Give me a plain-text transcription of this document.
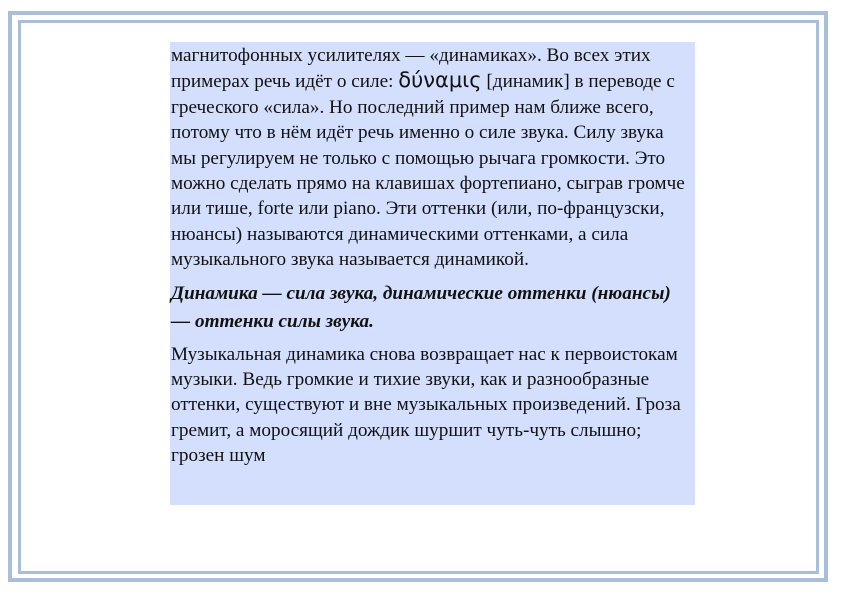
магнитофонных усилителях — «динамиках». Во всех этих примерах речь идёт о силе: δύναμις [динамик] в переводе с греческого «сила». Но последний пример нам ближе всего, потому что в нём идёт речь именно о силе звука. Силу звука мы регулируем не только с помощью рычага громкости. Это можно сделать прямо на клавишах фортепиано, сыграв громче или тише, forte или piano. Эти оттенки (или, по-французски, нюансы) называются динамическими оттенками, а сила музыкального звука называется динамикой.

Динамика — сила звука, динамические оттенки (нюансы) — оттенки силы звука.

Музыкальная динамика снова возвращает нас к первоистокам музыки. Ведь громкие и тихие звуки, как и разнообразные оттенки, существуют и вне музыкальных произведений. Гроза гремит, а моросящий дождик шуршит чуть-чуть слышно; грозен шум
